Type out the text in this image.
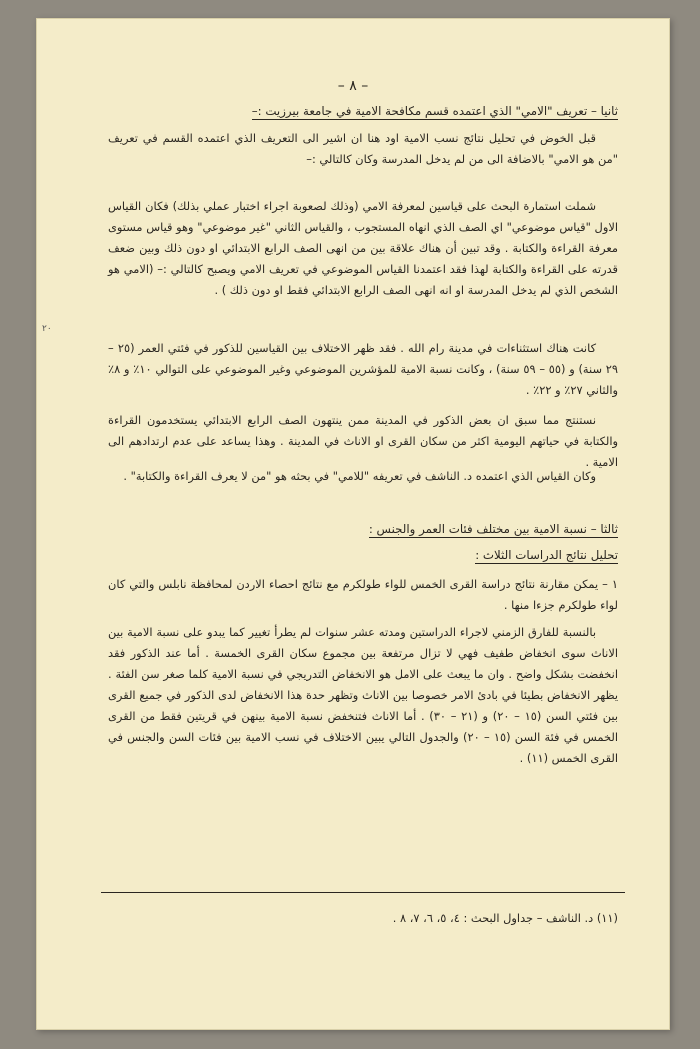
٢٠
– ٨ –
ثانيا – تعريف "الامي" الذي اعتمده قسم مكافحة الامية في جامعة بيرزيت :–
قبل الخوض في تحليل نتائج نسب الامية اود هنا ان اشير الى التعريف الذي اعتمده القسم في تعريف "من هو الامي" بالاضافة الى من لم يدخل المدرسة وكان كالتالي :–
شملت استمارة البحث على قياسين لمعرفة الامي (وذلك لصعوبة اجراء اختبار عملي بذلك) فكان القياس الاول "قياس موضوعي" اي الصف الذي انهاه المستجوب ، والقياس الثاني "غير موضوعي" وهو قياس مستوى معرفة القراءة والكتابة . وقد تبين أن هناك علاقة بين من انهى الصف الرابع الابتدائي او دون ذلك وبين ضعف قدرته على القراءة والكتابة لهذا فقد اعتمدنا القياس الموضوعي في تعريف الامي ويصبح كالتالي :– (الامي هو الشخص الذي لم يدخل المدرسة او انه انهى الصف الرابع الابتدائي فقط او دون ذلك ) .
كانت هناك استثناءات في مدينة رام الله . فقد ظهر الاختلاف بين القياسين للذكور في فئتي العمر (٢٥ – ٢٩ سنة) و (٥٥ – ٥٩ سنة) ، وكانت نسبة الامية للمؤشرين الموضوعي وغير الموضوعي على التوالي ١٠٪ و ٨٪ والثاني ٢٧٪ و ٢٢٪ .
نستنتج مما سبق ان بعض الذكور في المدينة ممن ينتهون الصف الرابع الابتدائي يستخدمون القراءة والكتابة في حياتهم اليومية اكثر من سكان القرى او الاناث في المدينة . وهذا يساعد على عدم ارتدادهم الى الامية .
وكان القياس الذي اعتمده د. الناشف في تعريفه "للامي" في بحثه هو "من لا يعرف القراءة والكتابة" .
ثالثا – نسبة الامية بين مختلف فئات العمر والجنس :
تحليل نتائج الدراسات الثلاث :
١ – يمكن مقارنة نتائج دراسة القرى الخمس للواء طولكرم مع نتائج احصاء الاردن لمحافظة نابلس والتي كان لواء طولكرم جزءا منها .
بالنسبة للفارق الزمني لاجراء الدراستين ومدته عشر سنوات لم يطرأ تغيير كما يبدو على نسبة الامية بين الاناث سوى انخفاض طفيف فهي لا تزال مرتفعة بين مجموع سكان القرى الخمسة . أما عند الذكور فقد انخفضت بشكل واضح . وان ما يبعث على الامل هو الانخفاض التدريجي في نسبة الامية كلما صغر سن الفئة . يظهر الانخفاض بطيئا في بادئ الامر خصوصا بين الاناث وتظهر حدة هذا الانخفاض لدى الذكور في جميع القرى بين فئتي السن (١٥ – ٢٠) و (٢١ – ٣٠) . أما الاناث فتنخفض نسبة الامية بينهن في قريتين فقط من القرى الخمس في فئة السن (١٥ – ٢٠) والجدول التالي يبين الاختلاف في نسب الامية بين فئات السن والجنس في القرى الخمس (١١) .
(١١) د. الناشف – جداول البحث : ٤، ٥، ٦، ٧، ٨ .
